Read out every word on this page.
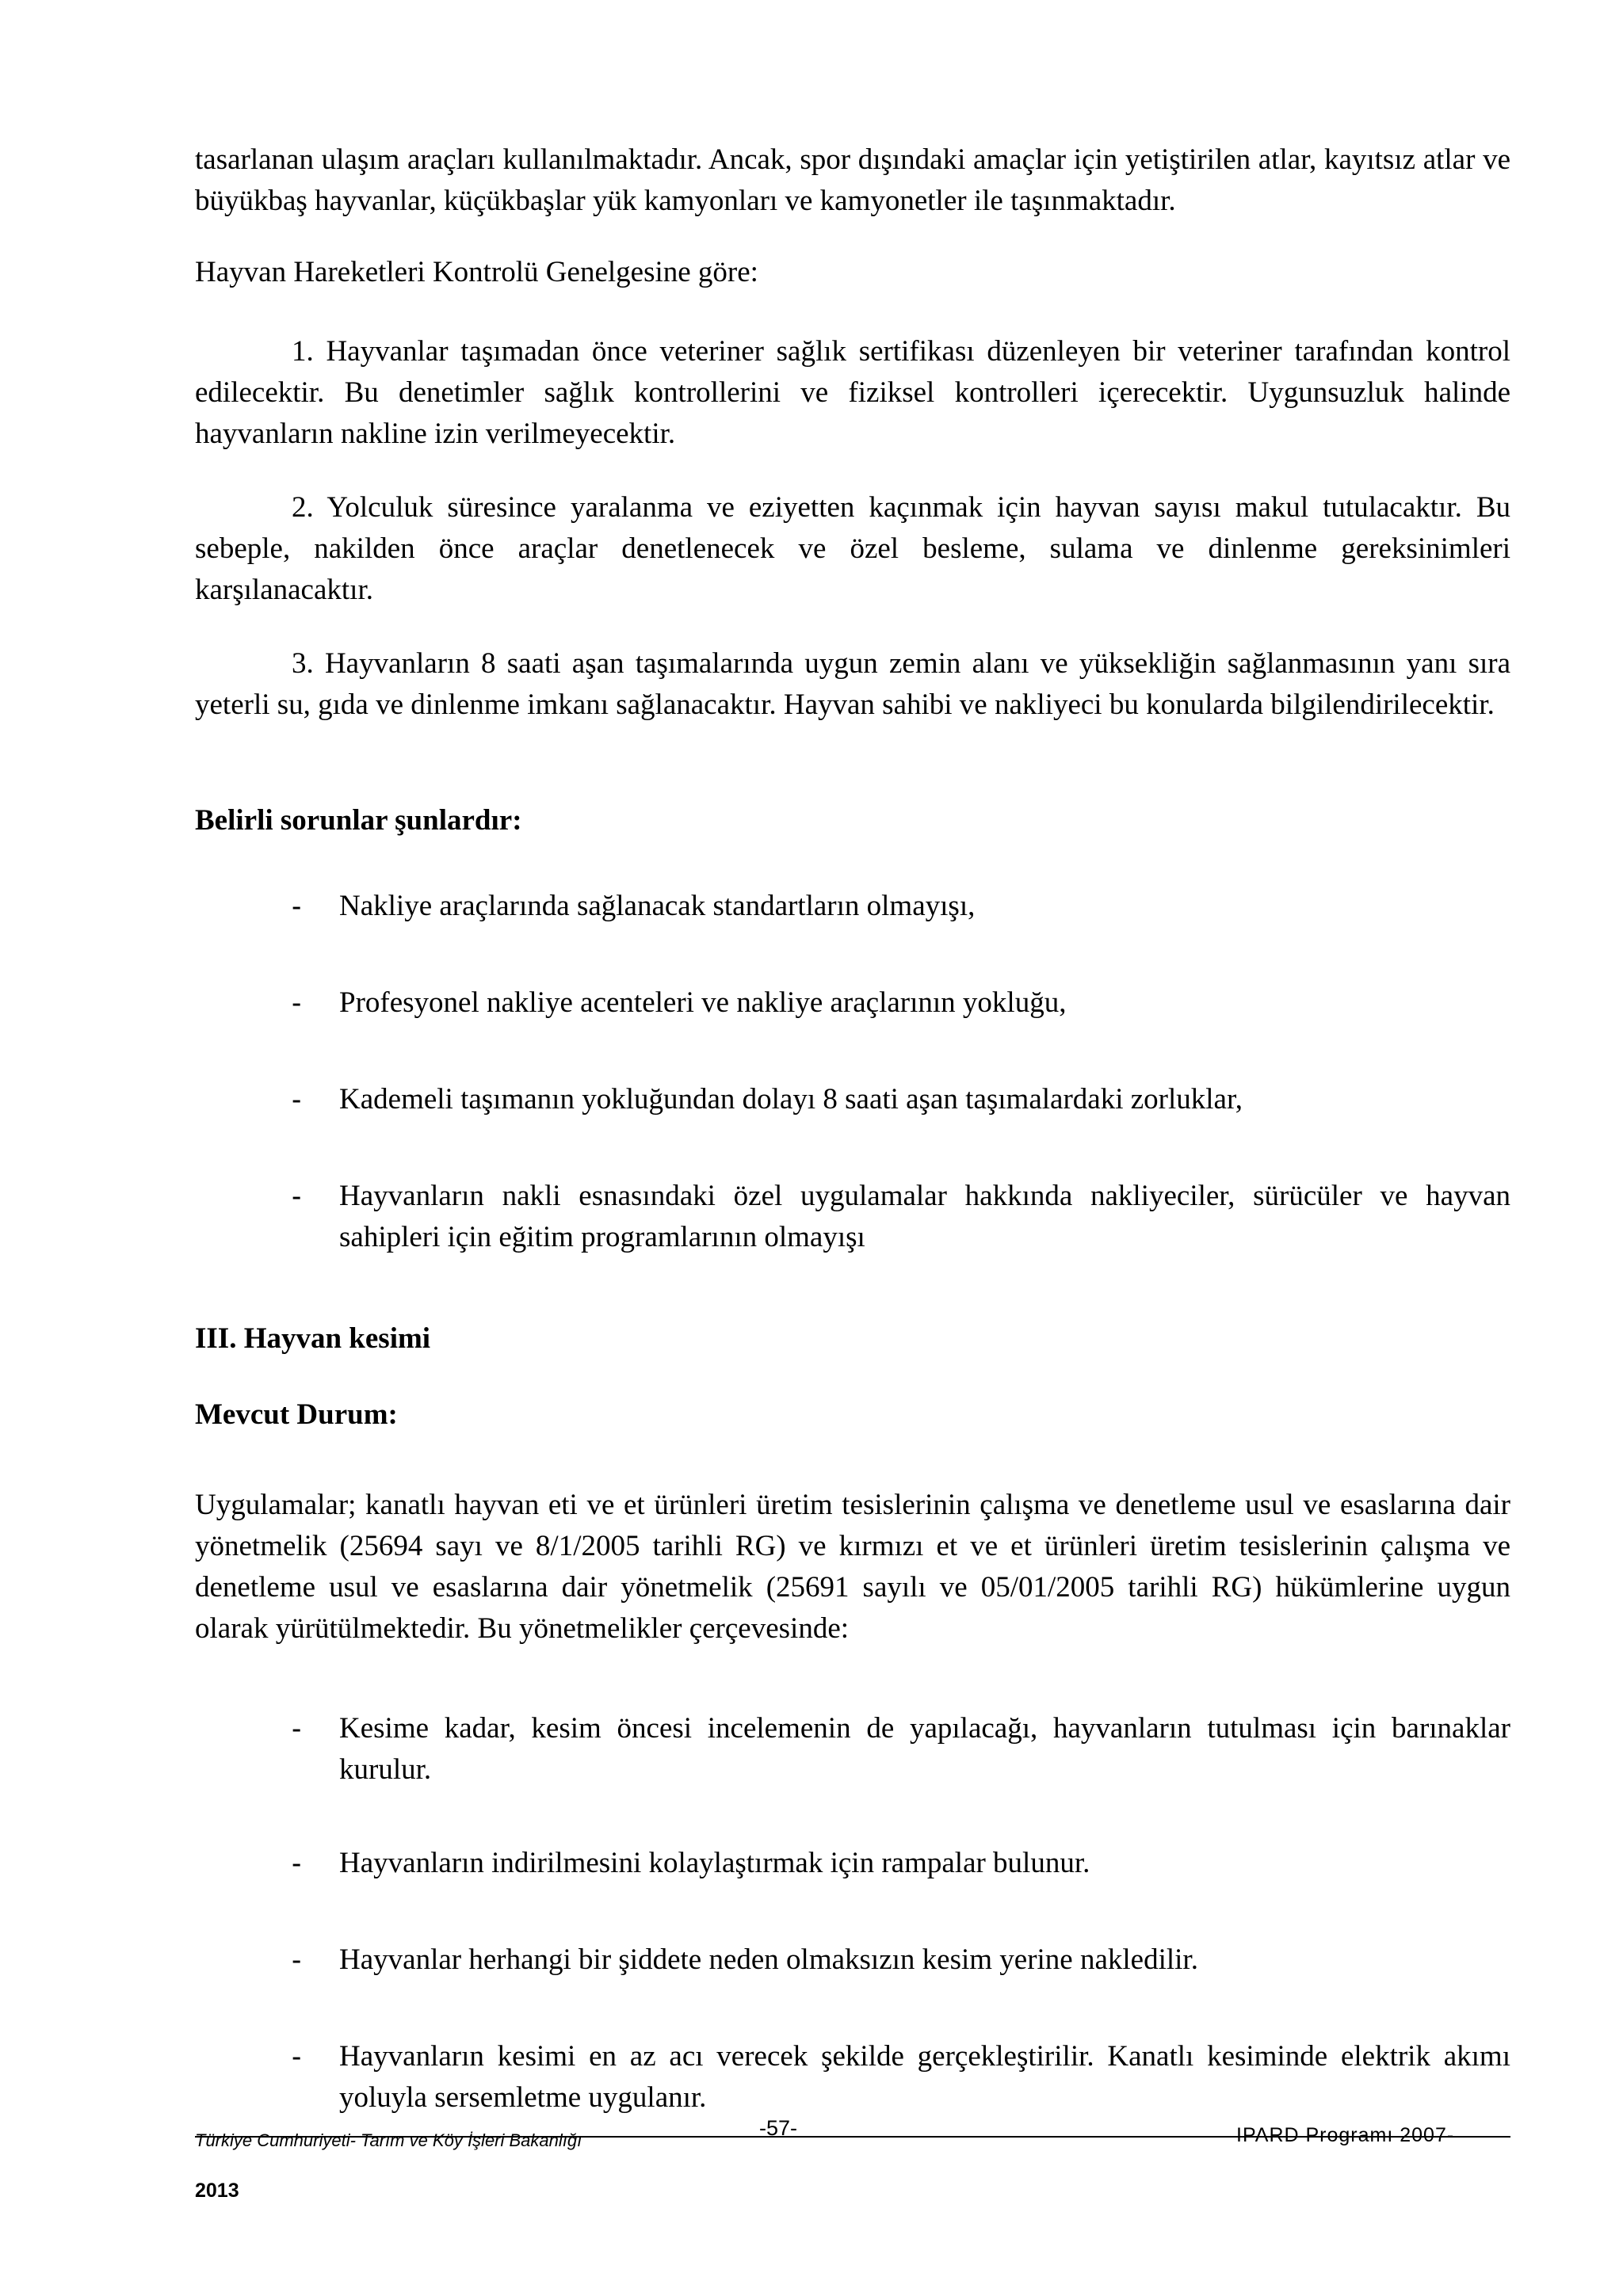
tasarlanan ulaşım araçları kullanılmaktadır. Ancak, spor dışındaki amaçlar için yetiştirilen atlar, kayıtsız atlar ve büyükbaş hayvanlar, küçükbaşlar yük kamyonları ve kamyonetler ile taşınmaktadır.

Hayvan Hareketleri Kontrolü Genelgesine göre:

1. Hayvanlar taşımadan önce veteriner sağlık sertifikası düzenleyen bir veteriner tarafından kontrol edilecektir. Bu denetimler sağlık kontrollerini ve fiziksel kontrolleri içerecektir. Uygunsuzluk halinde hayvanların nakline izin verilmeyecektir.

2. Yolculuk süresince yaralanma ve eziyetten kaçınmak için hayvan sayısı makul tutulacaktır. Bu sebeple, nakilden önce araçlar denetlenecek ve özel besleme, sulama ve dinlenme gereksinimleri karşılanacaktır.

3. Hayvanların 8 saati aşan taşımalarında uygun zemin alanı ve yüksekliğin sağlanmasının yanı sıra yeterli su, gıda ve dinlenme imkanı sağlanacaktır. Hayvan sahibi ve nakliyeci bu konularda bilgilendirilecektir.

Belirli sorunlar şunlardır:
-	Nakliye araçlarında sağlanacak standartların olmayışı,

-	Profesyonel nakliye acenteleri ve nakliye araçlarının yokluğu,

-	Kademeli taşımanın yokluğundan dolayı 8 saati aşan taşımalardaki zorluklar,

-	Hayvanların nakli esnasındaki özel uygulamalar hakkında nakliyeciler, sürücüler ve hayvan sahipleri için eğitim programlarının olmayışı

III. Hayvan kesimi
Mevcut Durum:

Uygulamalar; kanatlı hayvan eti ve et ürünleri üretim tesislerinin çalışma ve denetleme usul ve esaslarına dair yönetmelik (25694 sayı ve 8/1/2005 tarihli RG) ve kırmızı et ve et ürünleri üretim tesislerinin çalışma ve denetleme usul ve esaslarına dair yönetmelik (25691 sayılı ve 05/01/2005 tarihli RG) hükümlerine uygun olarak yürütülmektedir. Bu yönetmelikler çerçevesinde:

-	Kesime kadar, kesim öncesi incelemenin de yapılacağı, hayvanların tutulması için barınaklar kurulur.

-	Hayvanların indirilmesini kolaylaştırmak için rampalar bulunur.

-	Hayvanlar herhangi bir şiddete neden olmaksızın kesim yerine nakledilir.

-	Hayvanların kesimi en az acı verecek şekilde gerçekleştirilir. Kanatlı kesiminde elektrik akımı yoluyla sersemletme uygulanır.

Türkiye Cumhuriyeti- Tarım ve Köy İşleri Bakanlığı
-57-	IPARD Programı 2007-
2013
